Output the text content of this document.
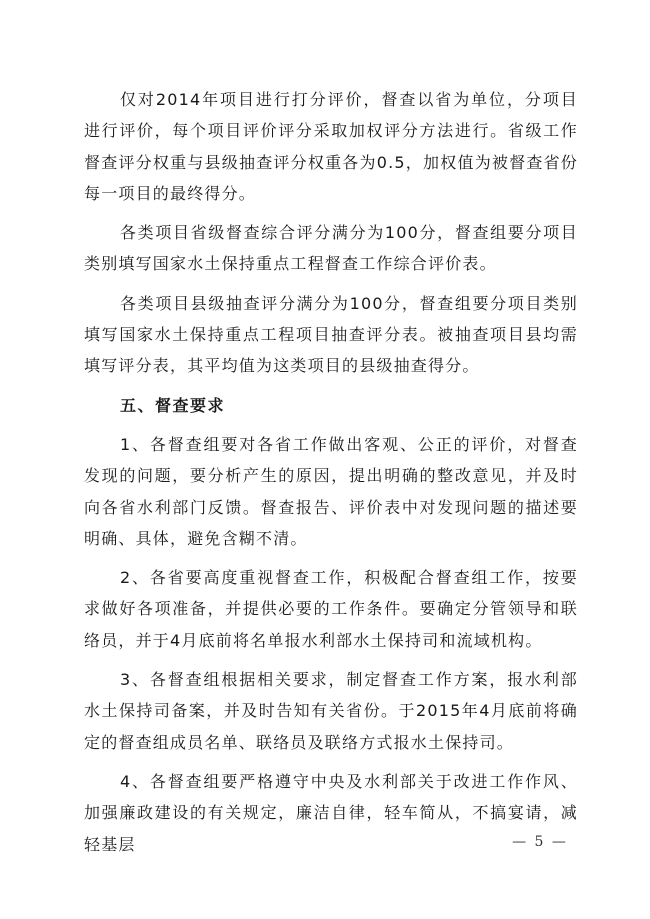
仅对2014年项目进行打分评价，督查以省为单位，分项目进行评价，每个项目评价评分采取加权评分方法进行。省级工作督查评分权重与县级抽查评分权重各为0.5，加权值为被督查省份每一项目的最终得分。

各类项目省级督查综合评分满分为100分，督查组要分项目类别填写国家水土保持重点工程督查工作综合评价表。

各类项目县级抽查评分满分为100分，督查组要分项目类别填写国家水土保持重点工程项目抽查评分表。被抽查项目县均需填写评分表，其平均值为这类项目的县级抽查得分。

五、督查要求

1、各督查组要对各省工作做出客观、公正的评价，对督查发现的问题，要分析产生的原因，提出明确的整改意见，并及时向各省水利部门反馈。督查报告、评价表中对发现问题的描述要明确、具体，避免含糊不清。

2、各省要高度重视督查工作，积极配合督查组工作，按要求做好各项准备，并提供必要的工作条件。要确定分管领导和联络员，并于4月底前将名单报水利部水土保持司和流域机构。

3、各督查组根据相关要求，制定督查工作方案，报水利部水土保持司备案，并及时告知有关省份。于2015年4月底前将确定的督查组成员名单、联络员及联络方式报水土保持司。

4、各督查组要严格遵守中央及水利部关于改进工作作风、加强廉政建设的有关规定，廉洁自律，轻车简从，不搞宴请，减轻基层	— 5 —
